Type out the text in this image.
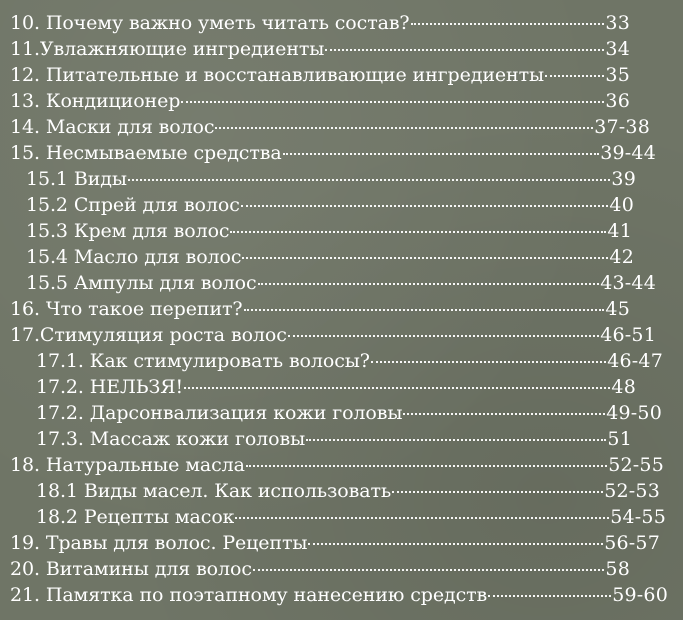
10. Почему важно уметь читать состав?	33
11.Увлажняющие ингредиенты	34
12. Питательные и восстанавливающие ингредиенты	35
13. Кондиционер	36
14. Маски для волос	37-38
15. Несмываемые средства	39-44
15.1 Виды	39
15.2 Спрей для волос	40
15.3 Крем для волос	41
15.4 Масло для волос	42
15.5 Ампулы для волос	43-44
16. Что такое перепит?	45
17.Стимуляция роста волос	46-51
17.1. Как стимулировать волосы?	46-47
17.2. НЕЛЬЗЯ!	48
17.2. Дарсонвализация кожи головы	49-50
17.3. Массаж кожи головы	51
18. Натуральные масла	52-55
18.1 Виды масел. Как использовать	52-53
18.2 Рецепты масок	54-55
19. Травы для волос. Рецепты	56-57
20. Витамины для волос	58
21. Памятка по поэтапному нанесению средств	59-60
